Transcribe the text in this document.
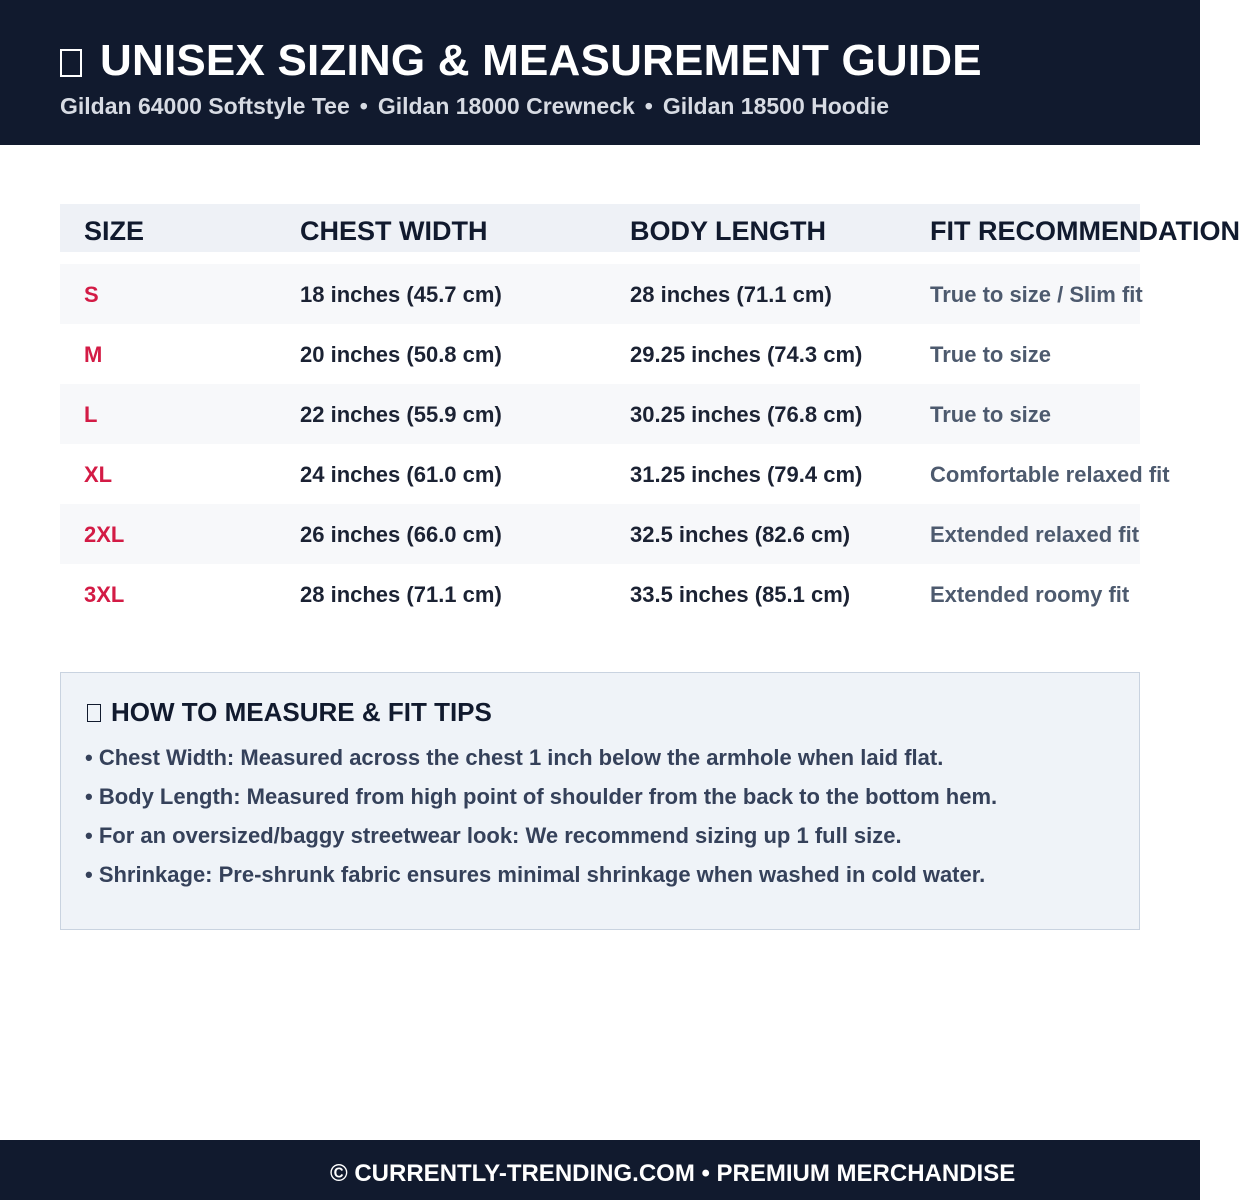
UNISEX SIZING & MEASUREMENT GUIDE
Gildan 64000 Softstyle Tee • Gildan 18000 Crewneck • Gildan 18500 Hoodie
SIZE	CHEST WIDTH	BODY LENGTH	FIT RECOMMENDATION
S	18 inches (45.7 cm)	28 inches (71.1 cm)	True to size / Slim fit
M	20 inches (50.8 cm)	29.25 inches (74.3 cm)	True to size
L	22 inches (55.9 cm)	30.25 inches (76.8 cm)	True to size
XL	24 inches (61.0 cm)	31.25 inches (79.4 cm)	Comfortable relaxed fit
2XL	26 inches (66.0 cm)	32.5 inches (82.6 cm)	Extended relaxed fit
3XL	28 inches (71.1 cm)	33.5 inches (85.1 cm)	Extended roomy fit
HOW TO MEASURE & FIT TIPS
• Chest Width: Measured across the chest 1 inch below the armhole when laid flat.
• Body Length: Measured from high point of shoulder from the back to the bottom hem.
• For an oversized/baggy streetwear look: We recommend sizing up 1 full size.
• Shrinkage: Pre-shrunk fabric ensures minimal shrinkage when washed in cold water.
© CURRENTLY-TRENDING.COM • PREMIUM MERCHANDISE
